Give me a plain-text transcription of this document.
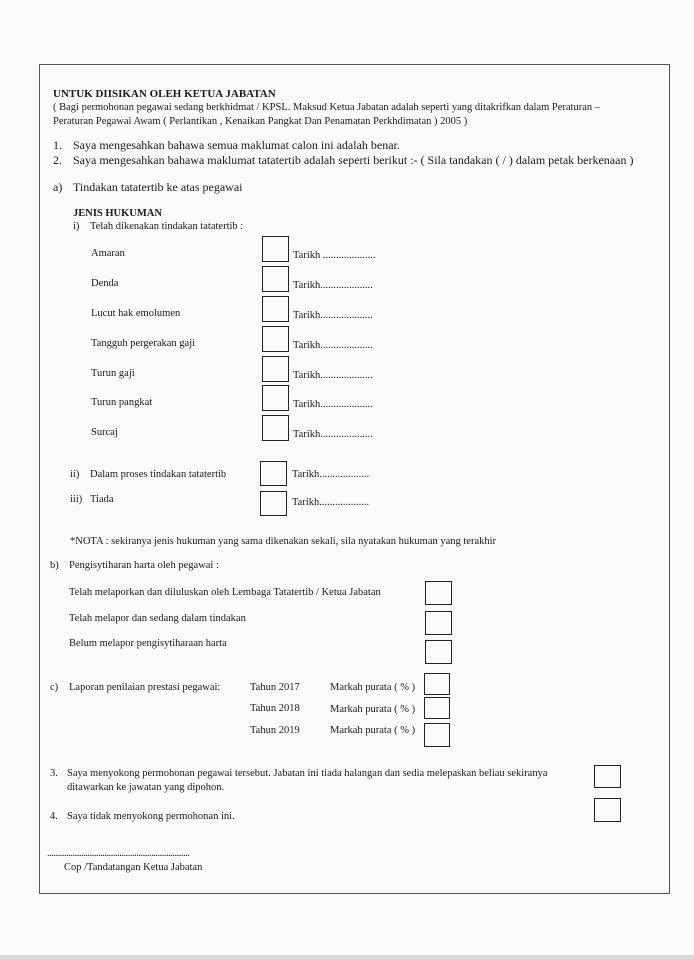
UNTUK DIISIKAN OLEH KETUA JABATAN
( Bagi permohonan pegawai sedang berkhidmat / KPSL. Maksud Ketua Jabatan adalah seperti yang ditakrifkan dalam Peraturan –
Peraturan Pegawai Awam ( Perlantikan , Kenaikan Pangkat Dan Penamatan Perkhdimatan ) 2005 )
1. Saya mengesahkan bahawa semua maklumat calon ini adalah benar.
2. Saya mengesahkan bahawa maklumat tatatertib adalah seperti berikut :- ( Sila tandakan ( / ) dalam petak berkenaan )
a) Tindakan tatatertib ke atas pegawai
JENIS HUKUMAN
i) Telah dikenakan tindakan tatatertib :
Amaran	Tarikh ....................
Denda	Tarikh....................
Lucut hak emolumen	Tarikh....................
Tangguh pergerakan gaji	Tarikh....................
Turun gaji	Tarikh....................
Turun pangkat	Tarikh....................
Surcaj	Tarikh....................
ii) Dalam proses tindakan tatatertib	Tarikh...................
iii) Tiada	Tarikh...................
*NOTA : sekiranya jenis hukuman yang sama dikenakan sekali, sila nyatakan hukuman yang terakhir
b) Pengisytiharan harta oleh pegawai :
Telah melaporkan dan diluluskan oleh Lembaga Tatatertib / Ketua Jabatan
Telah melapor dan sedang dalam tindakan
Belum melapor pengisytiharaan harta
c) Laporan penilaian prestasi pegawai:	Tahun 2017	Markah purata ( % )
Tahun 2018	Markah purata ( % )
Tahun 2019	Markah purata ( % )
3. Saya menyokong permohonan pegawai tersebut. Jabatan ini tiada halangan dan sedia melepaskan beliau sekiranya
ditawarkan ke jawatan yang dipohon.
4. Saya tidak menyokong permohonan ini.
...................................................................
Cop /Tandatangan Ketua Jabatan
